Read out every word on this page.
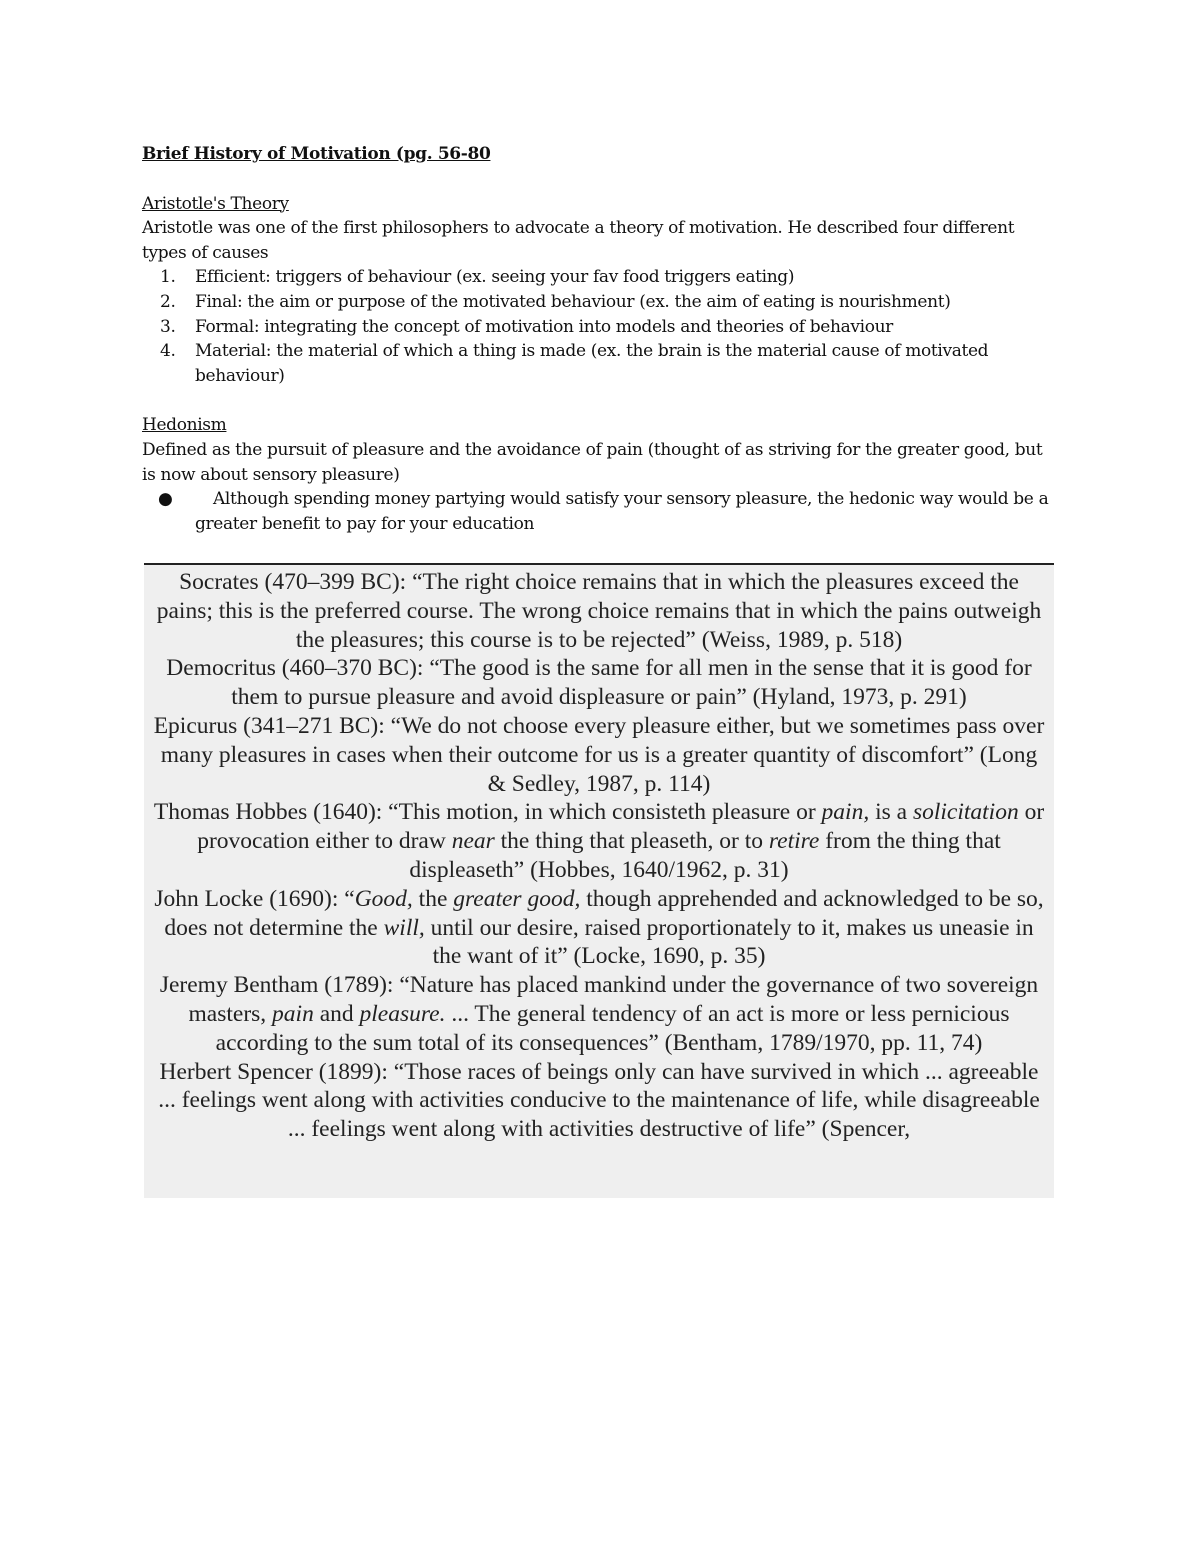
Brief History of Motivation (pg. 56-80

Aristotle's Theory

Aristotle was one of the first philosophers to advocate a theory of motivation. He described four different types of causes

1. Efficient: triggers of behaviour (ex. seeing your fav food triggers eating)
2. Final: the aim or purpose of the motivated behaviour (ex. the aim of eating is nourishment)
3. Formal: integrating the concept of motivation into models and theories of behaviour
4. Material: the material of which a thing is made (ex. the brain is the material cause of motivated behaviour)

Hedonism

Defined as the pursuit of pleasure and the avoidance of pain (thought of as striving for the greater good, but is now about sensory pleasure)

●	Although spending money partying would satisfy your sensory pleasure, the hedonic way would be a greater benefit to pay for your education

Socrates (470–399 BC): “The right choice remains that in which the pleasures exceed the pains; this is the preferred course. The wrong choice remains that in which the pains outweigh the pleasures; this course is to be rejected” (Weiss, 1989, p. 518)

Democritus (460–370 BC): “The good is the same for all men in the sense that it is good for them to pursue pleasure and avoid displeasure or pain” (Hyland, 1973, p. 291)

Epicurus (341–271 BC): “We do not choose every pleasure either, but we sometimes pass over many pleasures in cases when their outcome for us is a greater quantity of discomfort” (Long & Sedley, 1987, p. 114)

Thomas Hobbes (1640): “This motion, in which consisteth pleasure or pain, is a solicitation or provocation either to draw near the thing that pleaseth, or to retire from the thing that displeaseth” (Hobbes, 1640/1962, p. 31)

John Locke (1690): “Good, the greater good, though apprehended and acknowledged to be so, does not determine the will, until our desire, raised proportionately to it, makes us uneasie in the want of it” (Locke, 1690, p. 35)

Jeremy Bentham (1789): “Nature has placed mankind under the governance of two sovereign masters, pain and pleasure. ... The general tendency of an act is more or less pernicious according to the sum total of its consequences” (Bentham, 1789/1970, pp. 11, 74)

Herbert Spencer (1899): “Those races of beings only can have survived in which ... agreeable ... feelings went along with activities conducive to the maintenance of life, while disagreeable ... feelings went along with activities destructive of life” (Spencer,
